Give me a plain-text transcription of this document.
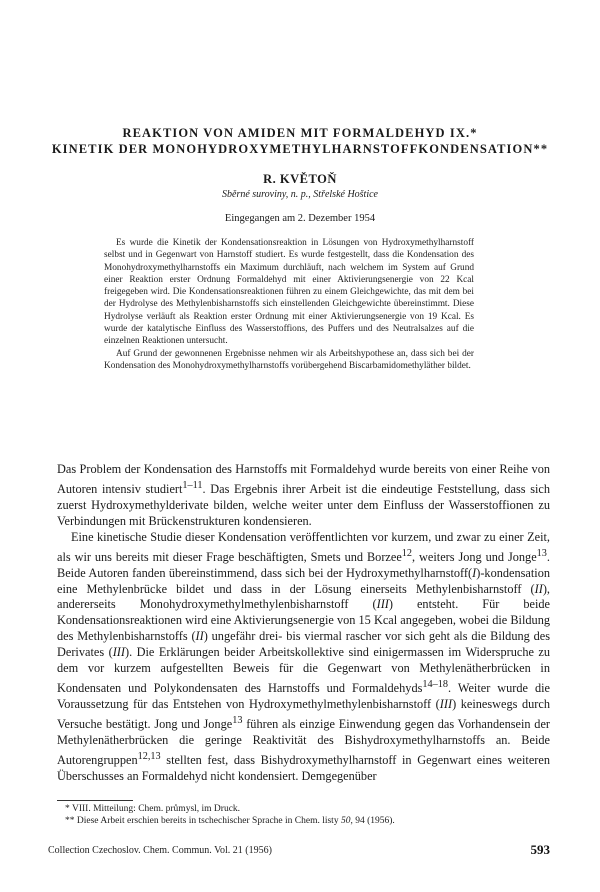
REAKTION VON AMIDEN MIT FORMALDEHYD IX.*
KINETIK DER MONOHYDROXYMETHYLHARNSTOFFKONDENSATION**
R. KVĚTOŇ
Sběrné suroviny, n. p., Střelské Hoštice
Eingegangen am 2. Dezember 1954

Es wurde die Kinetik der Kondensationsreaktion in Lösungen von Hydroxymethylharnstoff selbst und in Gegenwart von Harnstoff studiert. Es wurde festgestellt, dass die Kondensation des Monohydroxymethylharnstoffs ein Maximum durchläuft, nach welchem im System auf Grund einer Reaktion erster Ordnung Formaldehyd mit einer Aktivierungsenergie von 22 Kcal freigegeben wird. Die Kondensationsreaktionen führen zu einem Gleichgewichte, das mit dem bei der Hydrolyse des Methylenbisharnstoffs sich einstellenden Gleichgewichte übereinstimmt. Diese Hydrolyse verläuft als Reaktion erster Ordnung mit einer Aktivierungsenergie von 19 Kcal. Es wurde der katalytische Einfluss des Wasserstoffions, des Puffers und des Neutralsalzes auf die einzelnen Reaktionen untersucht.

Auf Grund der gewonnenen Ergebnisse nehmen wir als Arbeitshypothese an, dass sich bei der Kondensation des Monohydroxymethylharnstoffs vorübergehend Biscarbamidomethyläther bildet.

Das Problem der Kondensation des Harnstoffs mit Formaldehyd wurde bereits von einer Reihe von Autoren intensiv studiert$^{1-11}$. Das Ergebnis ihrer Arbeit ist die eindeutige Feststellung, dass sich zuerst Hydroxymethylderivate bilden, welche weiter unter dem Einfluss der Wasserstoffionen zu Verbindungen mit Brückenstrukturen kondensieren.

Eine kinetische Studie dieser Kondensation veröffentlichten vor kurzem, und zwar zu einer Zeit, als wir uns bereits mit dieser Frage beschäftigten, Smets und Borzee$^{12}$, weiters Jong und Jonge$^{13}$. Beide Autoren fanden übereinstimmend, dass sich bei der Hydroxymethylharnstoff(I)-kondensation eine Methylenbrücke bildet und dass in der Lösung einerseits Methylenbisharnstoff (II), andererseits Monohydroxymethylmethylenbisharnstoff (III) entsteht. Für beide Kondensationsreaktionen wird eine Aktivierungsenergie von 15 Kcal angegeben, wobei die Bildung des Methylenbisharnstoffs (II) ungefähr drei- bis viermal rascher vor sich geht als die Bildung des Derivates (III). Die Erklärungen beider Arbeitskollektive sind einigermassen im Widerspruche zu dem vor kurzem aufgestellten Beweis für die Gegenwart von Methylenätherbrücken in Kondensaten und Polykondensaten des Harnstoffs und Formaldehyds$^{14-18}$. Weiter wurde die Voraussetzung für das Entstehen von Hydroxymethylmethylenbisharnstoff (III) keineswegs durch Versuche bestätigt. Jong und Jonge$^{13}$ führen als einzige Einwendung gegen das Vorhandensein der Methylenätherbrücken die geringe Reaktivität des Bishydroxymethylharnstoffs an. Beide Autorengruppen$^{12,13}$ stellten fest, dass Bishydroxymethylharnstoff in Gegenwart eines weiteren Überschusses an Formaldehyd nicht kondensiert. Demgegenüber

* VIII. Mitteilung: Chem. průmysl, im Druck.
** Diese Arbeit erschien bereits in tschechischer Sprache in Chem. listy 50, 94 (1956).
Collection Czechoslov. Chem. Commun. Vol. 21 (1956)	593
